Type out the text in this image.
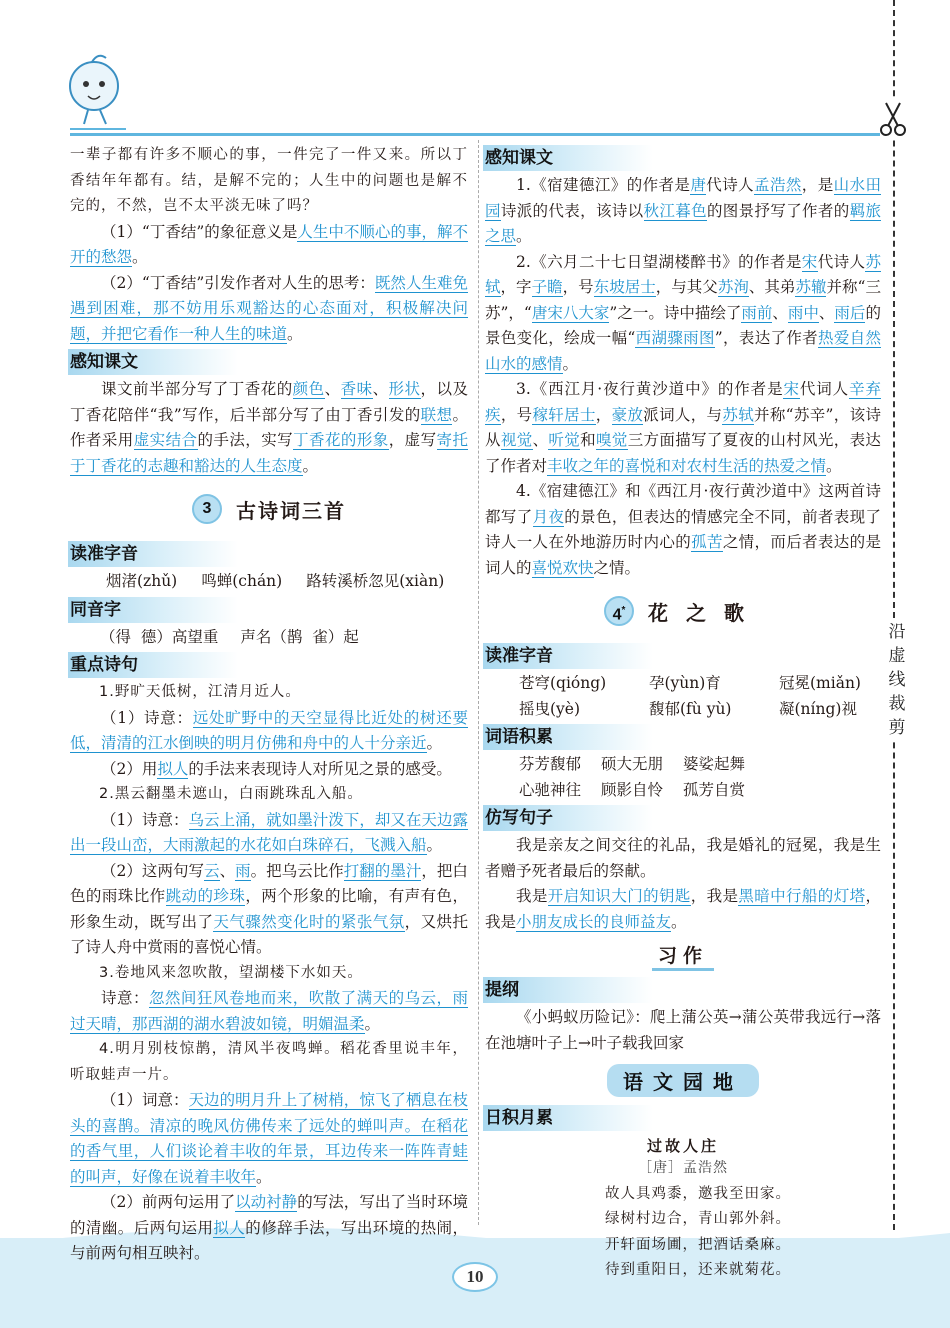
10
沿
虚
线
裁
剪

一辈子都有许多不顺心的事，一件完了一件又来。所以丁香结年年都有。结，是解不完的；人生中的问题也是解不完的，不然，岂不太平淡无味了吗？

（1）“丁香结”的象征意义是人生中不顺心的事，解不开的愁怨。

（2）“丁香结”引发作者对人生的思考：既然人生难免遇到困难，那不妨用乐观豁达的心态面对，积极解决问题，并把它看作一种人生的味道。

感知课文

课文前半部分写了丁香花的颜色、香味、形状，以及丁香花陪伴“我”写作，后半部分写了由丁香引发的联想。作者采用虚实结合的手法，实写丁香花的形象，虚写寄托于丁香花的志趣和豁达的人生态度。

3	古诗词三首
读准字音
烟渚(zhǔ) 鸣蝉(chán) 路转溪桥忽见(xiàn)
同音字
（得 德）高望重 声名（鹊 雀）起
重点诗句

1.野旷天低树，江清月近人。

（1）诗意：远处旷野中的天空显得比近处的树还要低，清清的江水倒映的明月仿佛和舟中的人十分亲近。

（2）用拟人的手法来表现诗人对所见之景的感受。

2.黑云翻墨未遮山，白雨跳珠乱入船。

（1）诗意：乌云上涌，就如墨汁泼下，却又在天边露出一段山峦，大雨激起的水花如白珠碎石，飞溅入船。

（2）这两句写云、雨。把乌云比作打翻的墨汁，把白色的雨珠比作跳动的珍珠，两个形象的比喻，有声有色，形象生动，既写出了天气骤然变化时的紧张气氛，又烘托了诗人舟中赏雨的喜悦心情。

3.卷地风来忽吹散，望湖楼下水如天。

诗意：忽然间狂风卷地而来，吹散了满天的乌云，雨过天晴，那西湖的湖水碧波如镜，明媚温柔。

4.明月别枝惊鹊，清风半夜鸣蝉。稻花香里说丰年，听取蛙声一片。

（1）词意：天边的明月升上了树梢，惊飞了栖息在枝头的喜鹊。清凉的晚风仿佛传来了远处的蝉叫声。在稻花的香气里，人们谈论着丰收的年景，耳边传来一阵阵青蛙的叫声，好像在说着丰收年。

（2）前两句运用了以动衬静的写法，写出了当时环境的清幽。后两句运用拟人的修辞手法，写出环境的热闹，与前两句相互映衬。

感知课文

1.《宿建德江》的作者是唐代诗人孟浩然，是山水田园诗派的代表，该诗以秋江暮色的图景抒写了作者的羁旅之思。

2.《六月二十七日望湖楼醉书》的作者是宋代诗人苏轼，字子瞻，号东坡居士，与其父苏洵、其弟苏辙并称“三苏”，“唐宋八大家”之一。诗中描绘了雨前、雨中、雨后的景色变化，绘成一幅“西湖骤雨图”，表达了作者热爱自然山水的感情。

3.《西江月·夜行黄沙道中》的作者是宋代词人辛弃疾，号稼轩居士，豪放派词人，与苏轼并称“苏辛”，该诗从视觉、听觉和嗅觉三方面描写了夏夜的山村风光，表达了作者对丰收之年的喜悦和对农村生活的热爱之情。

4.《宿建德江》和《西江月·夜行黄沙道中》这两首诗都写了月夜的景色，但表达的情感完全不同，前者表现了诗人一人在外地游历时内心的孤苦之情，而后者表达的是词人的喜悦欢快之情。

4*	花之歌
读准字音
苍穹(qióng)	孕(yùn)育	冠冕(miǎn)
摇曳(yè)	馥郁(fù yù)	凝(níng)视
词语积累
芬芳馥郁 硕大无朋 婆娑起舞
心驰神往 顾影自怜 孤芳自赏
仿写句子

我是亲友之间交往的礼品，我是婚礼的冠冕，我是生者赠予死者最后的祭献。

我是开启知识大门的钥匙，我是黑暗中行船的灯塔，我是小朋友成长的良师益友。

习作
提纲

《小蚂蚁历险记》：爬上蒲公英→蒲公英带我远行→落在池塘叶子上→叶子载我回家

语文园地
日积月累
过故人庄
［唐］孟浩然
故人具鸡黍，邀我至田家。
绿树村边合，青山郭外斜。
开轩面场圃，把酒话桑麻。
待到重阳日，还来就菊花。
